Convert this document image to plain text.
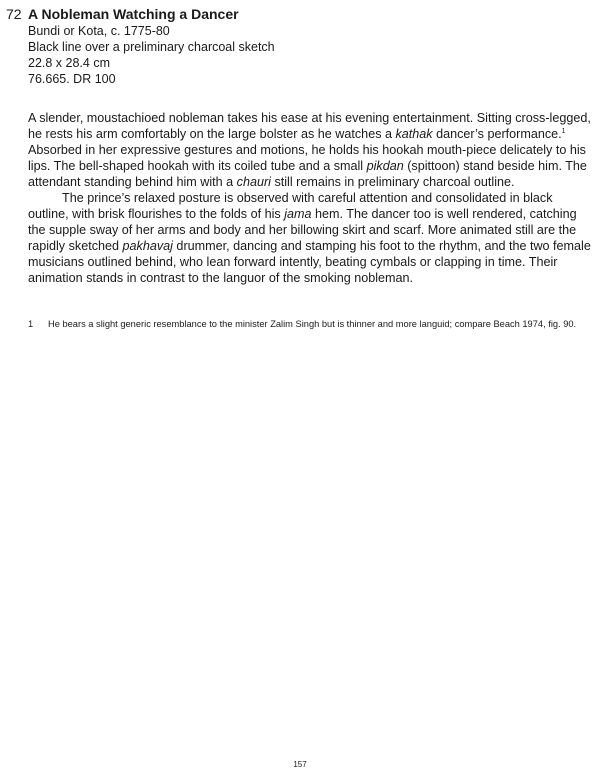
72 A Nobleman Watching a Dancer
Bundi or Kota, c. 1775-80
Black line over a preliminary charcoal sketch
22.8 x 28.4 cm
76.665. DR 100

A slender, moustachioed nobleman takes his ease at his evening entertainment. Sitting cross-legged, he rests his arm comfortably on the large bolster as he watches a kathak dancer’s performance.$^1$ Absorbed in her expressive gestures and motions, he holds his hookah mouth-piece delicately to his lips. The bell-shaped hookah with its coiled tube and a small pikdan (spittoon) stand beside him. The attendant standing behind him with a chauri still remains in preliminary charcoal outline.

The prince’s relaxed posture is observed with careful attention and consolidated in black outline, with brisk flourishes to the folds of his jama hem. The dancer too is well rendered, catching the supple sway of her arms and body and her billowing skirt and scarf. More animated still are the rapidly sketched pakhavaj drummer, dancing and stamping his foot to the rhythm, and the two female musicians outlined behind, who lean forward intently, beating cymbals or clapping in time. Their animation stands in contrast to the languor of the smoking nobleman.

1 He bears a slight generic resemblance to the minister Zalim Singh but is thinner and more languid; compare Beach 1974, fig. 90.
157
